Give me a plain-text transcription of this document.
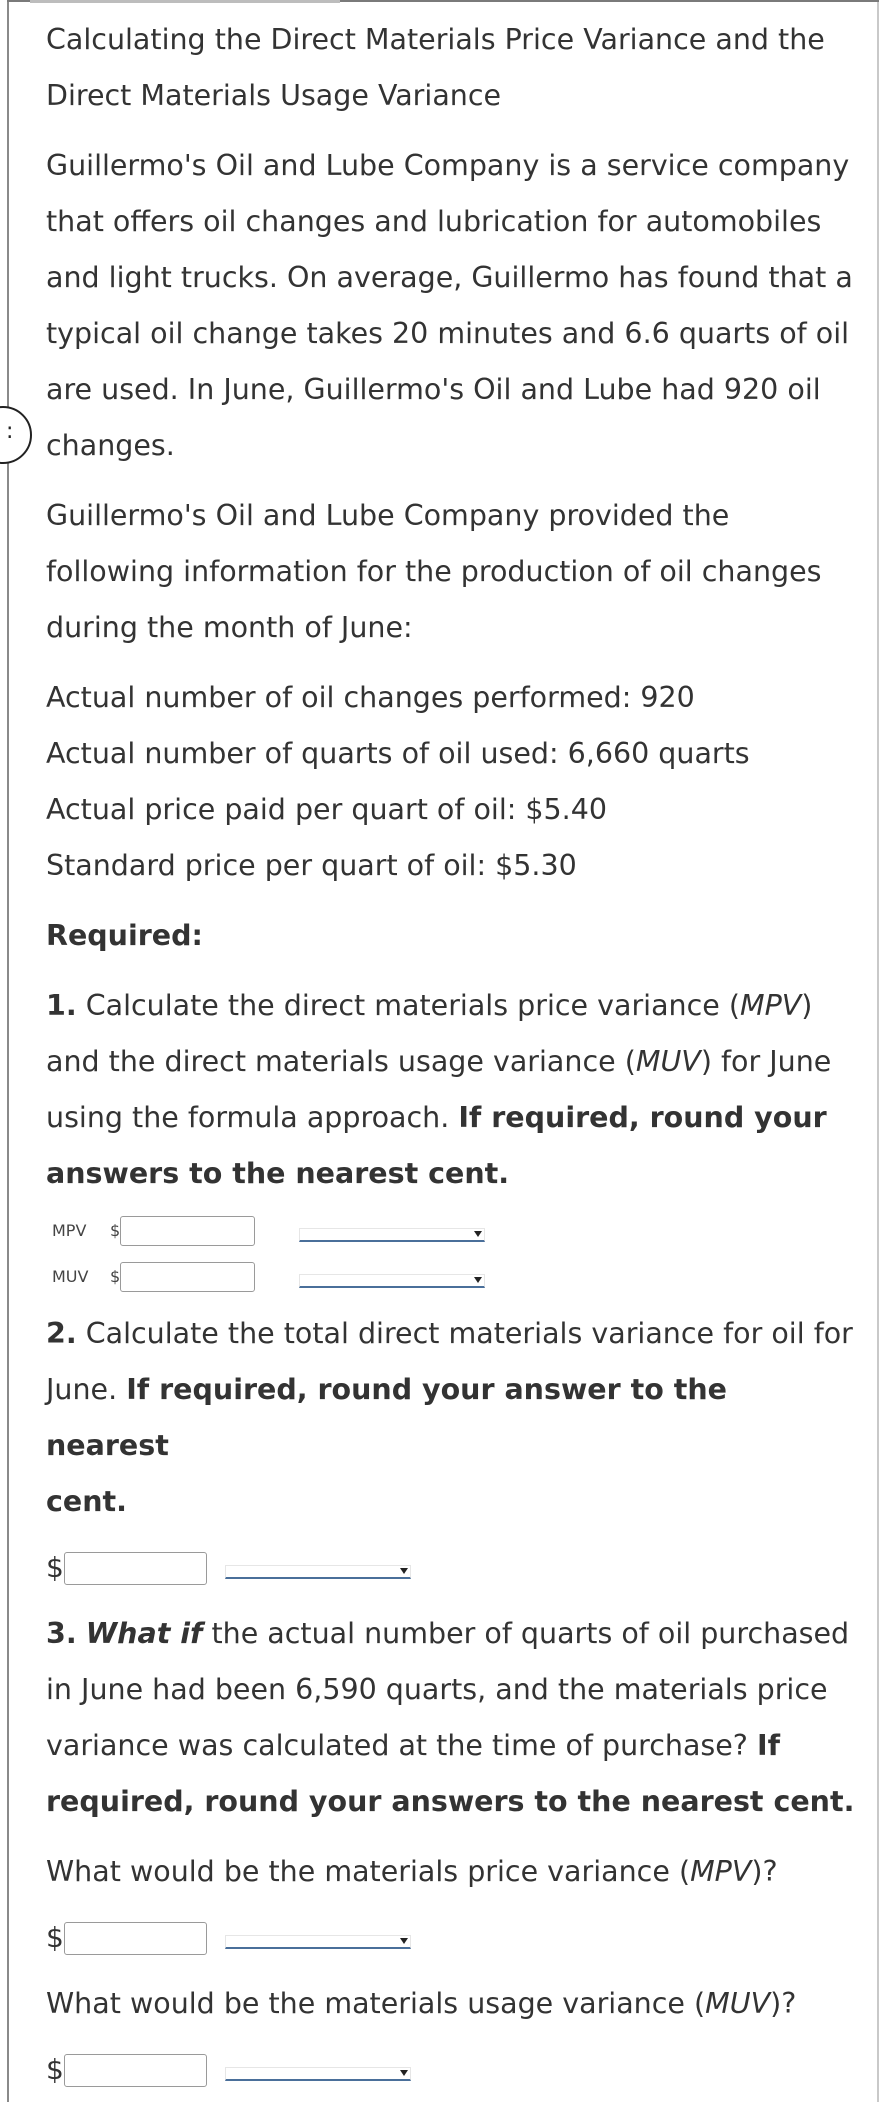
:

Calculating the Direct Materials Price Variance and the

Direct Materials Usage Variance

Guillermo's Oil and Lube Company is a service company

that offers oil changes and lubrication for automobiles

and light trucks. On average, Guillermo has found that a

typical oil change takes 20 minutes and 6.6 quarts of oil

are used. In June, Guillermo's Oil and Lube had 920 oil

changes.

Guillermo's Oil and Lube Company provided the

following information for the production of oil changes

during the month of June:

Actual number of oil changes performed: 920

Actual number of quarts of oil used: 6,660 quarts

Actual price paid per quart of oil: $5.40

Standard price per quart of oil: $5.30

Required:

1. Calculate the direct materials price variance (MPV)

and the direct materials usage variance (MUV) for June

using the formula approach. If required, round your

answers to the nearest cent.

MPV	$
MUV	$

2. Calculate the total direct materials variance for oil for

June. If required, round your answer to the nearest

cent.

$

3. What if the actual number of quarts of oil purchased

in June had been 6,590 quarts, and the materials price

variance was calculated at the time of purchase? If

required, round your answers to the nearest cent.

What would be the materials price variance (MPV)?

$

What would be the materials usage variance (MUV)?

$
